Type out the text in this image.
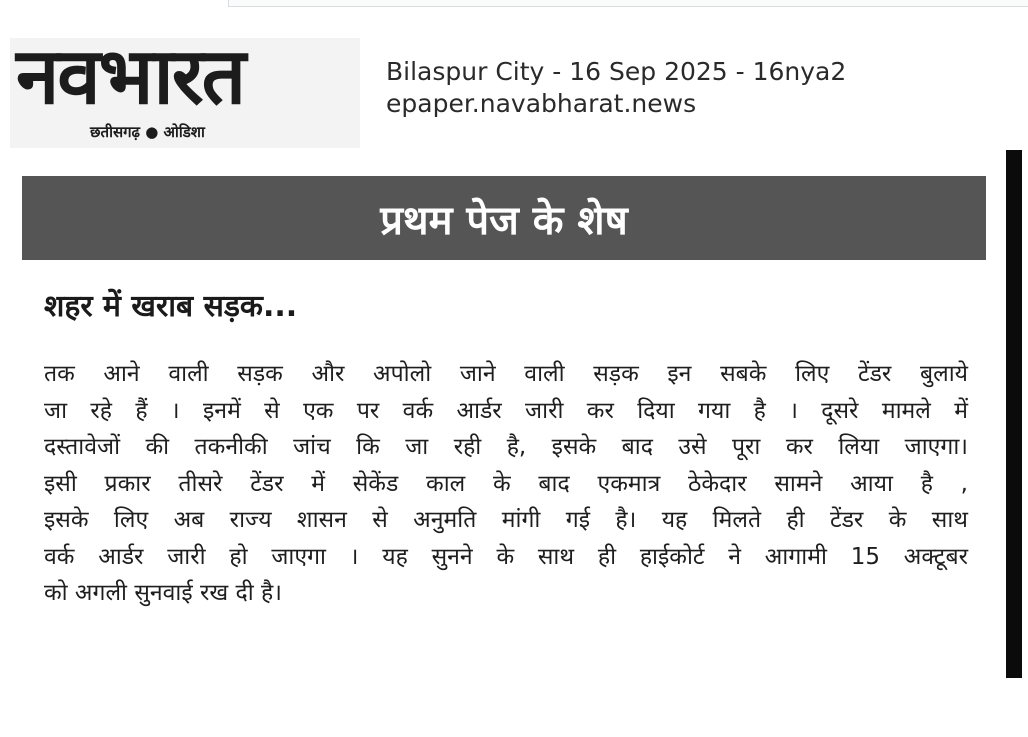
नवभारत
छतीसगढ़ ● ओडिशा
Bilaspur City - 16 Sep 2025 - 16nya2
epaper.navabharat.news
प्रथम पेज के शेष
शहर में खराब सड़क...
तक आने वाली सड़क और अपोलो जाने वाली सड़क इन सबके लिए टेंडर बुलाये
जा रहे हैं । इनमें से एक पर वर्क आर्डर जारी कर दिया गया है । दूसरे मामले में
दस्तावेजों की तकनीकी जांच कि जा रही है, इसके बाद उसे पूरा कर लिया जाएगा।
इसी प्रकार तीसरे टेंडर में सेकेंड काल के बाद एकमात्र ठेकेदार सामने आया है ,
इसके लिए अब राज्य शासन से अनुमति मांगी गई है। यह मिलते ही टेंडर के साथ
वर्क आर्डर जारी हो जाएगा । यह सुनने के साथ ही हाईकोर्ट ने आगामी 15 अक्टूबर
को अगली सुनवाई रख दी है।
